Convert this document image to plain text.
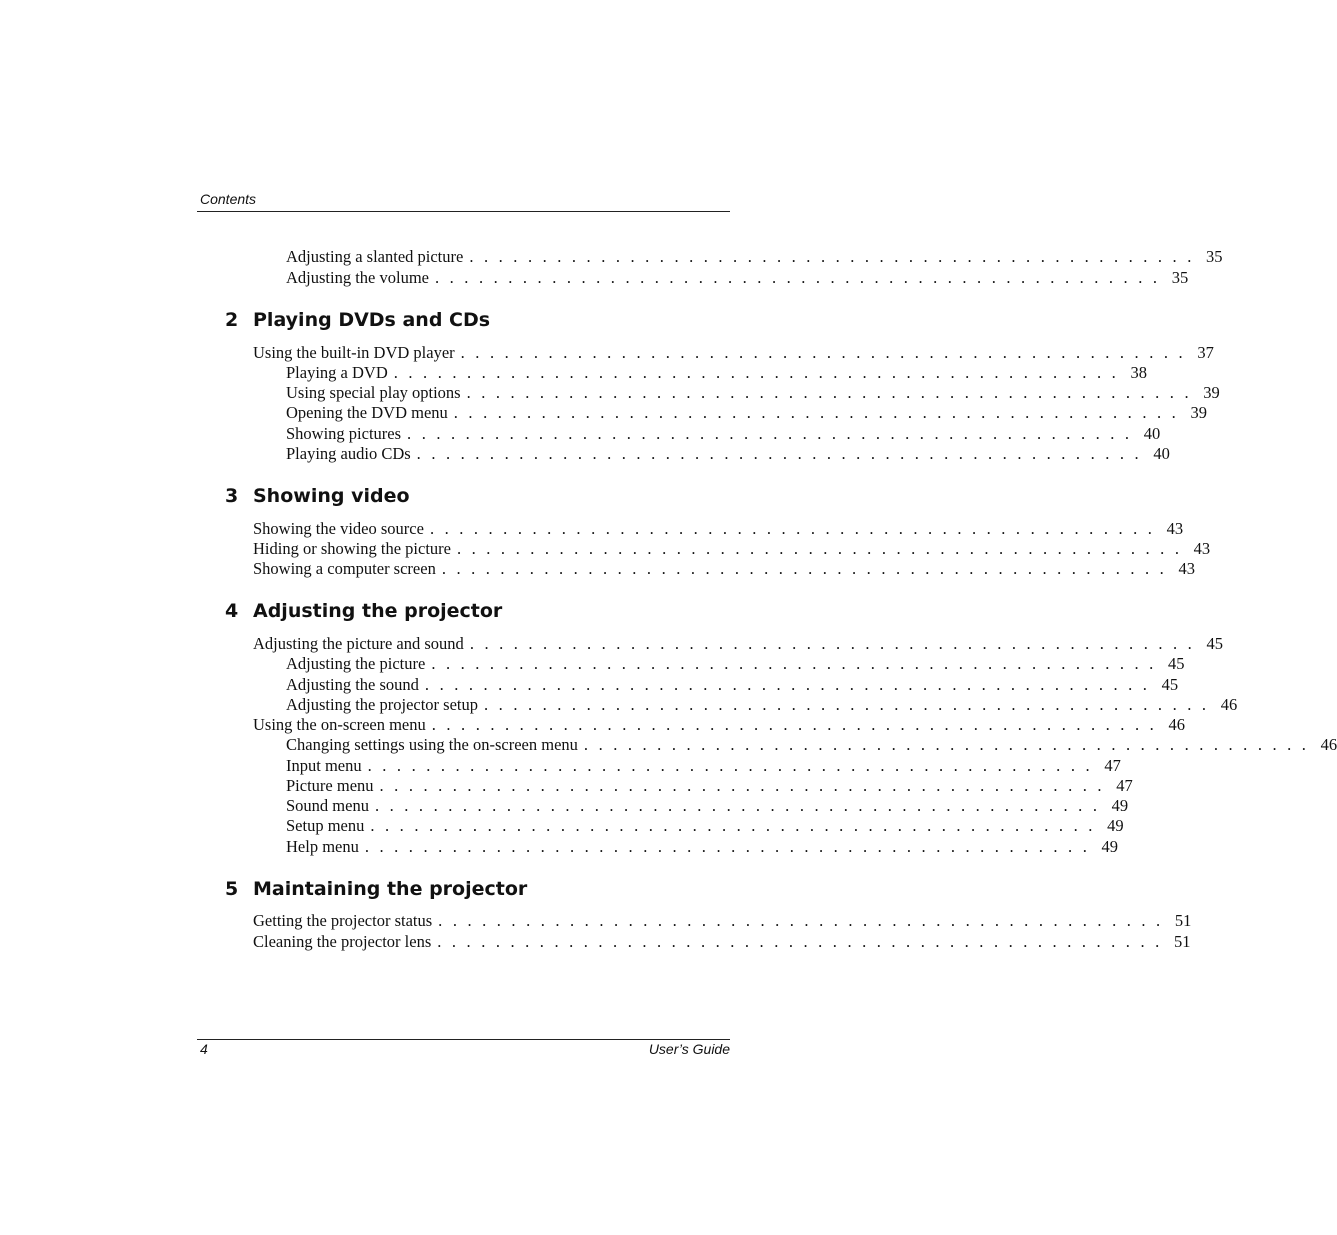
Contents
Adjusting a slanted picture . . . . . . . . . . . . . . . . . . . . . . . . . . . . . . . . . . . . . . . . . . . . . . . . . . 35
Adjusting the volume . . . . . . . . . . . . . . . . . . . . . . . . . . . . . . . . . . . . . . . . . . . . . . . . . . 35
2 Playing DVDs and CDs
Using the built-in DVD player . . . . . . . . . . . . . . . . . . . . . . . . . . . . . . . . . . . . . . . . . . . . . . . . . . 37
Playing a DVD . . . . . . . . . . . . . . . . . . . . . . . . . . . . . . . . . . . . . . . . . . . . . . . . . . 38
Using special play options . . . . . . . . . . . . . . . . . . . . . . . . . . . . . . . . . . . . . . . . . . . . . . . . . . 39
Opening the DVD menu . . . . . . . . . . . . . . . . . . . . . . . . . . . . . . . . . . . . . . . . . . . . . . . . . . 39
Showing pictures . . . . . . . . . . . . . . . . . . . . . . . . . . . . . . . . . . . . . . . . . . . . . . . . . . 40
Playing audio CDs . . . . . . . . . . . . . . . . . . . . . . . . . . . . . . . . . . . . . . . . . . . . . . . . . . 40
3 Showing video
Showing the video source . . . . . . . . . . . . . . . . . . . . . . . . . . . . . . . . . . . . . . . . . . . . . . . . . . 43
Hiding or showing the picture . . . . . . . . . . . . . . . . . . . . . . . . . . . . . . . . . . . . . . . . . . . . . . . . . . 43
Showing a computer screen . . . . . . . . . . . . . . . . . . . . . . . . . . . . . . . . . . . . . . . . . . . . . . . . . . 43
4 Adjusting the projector
Adjusting the picture and sound . . . . . . . . . . . . . . . . . . . . . . . . . . . . . . . . . . . . . . . . . . . . . . . . . . 45
Adjusting the picture . . . . . . . . . . . . . . . . . . . . . . . . . . . . . . . . . . . . . . . . . . . . . . . . . . 45
Adjusting the sound . . . . . . . . . . . . . . . . . . . . . . . . . . . . . . . . . . . . . . . . . . . . . . . . . . 45
Adjusting the projector setup . . . . . . . . . . . . . . . . . . . . . . . . . . . . . . . . . . . . . . . . . . . . . . . . . . 46
Using the on-screen menu . . . . . . . . . . . . . . . . . . . . . . . . . . . . . . . . . . . . . . . . . . . . . . . . . . 46
Changing settings using the on-screen menu . . . . . . . . . . . . . . . . . . . . . . . . . . . . . . . . . . . . . . . . . . . . . . . . . . 46
Input menu . . . . . . . . . . . . . . . . . . . . . . . . . . . . . . . . . . . . . . . . . . . . . . . . . . 47
Picture menu . . . . . . . . . . . . . . . . . . . . . . . . . . . . . . . . . . . . . . . . . . . . . . . . . . 47
Sound menu . . . . . . . . . . . . . . . . . . . . . . . . . . . . . . . . . . . . . . . . . . . . . . . . . . 49
Setup menu . . . . . . . . . . . . . . . . . . . . . . . . . . . . . . . . . . . . . . . . . . . . . . . . . . 49
Help menu . . . . . . . . . . . . . . . . . . . . . . . . . . . . . . . . . . . . . . . . . . . . . . . . . . 49
5 Maintaining the projector
Getting the projector status . . . . . . . . . . . . . . . . . . . . . . . . . . . . . . . . . . . . . . . . . . . . . . . . . . 51
Cleaning the projector lens . . . . . . . . . . . . . . . . . . . . . . . . . . . . . . . . . . . . . . . . . . . . . . . . . . 51
4	User’s Guide
